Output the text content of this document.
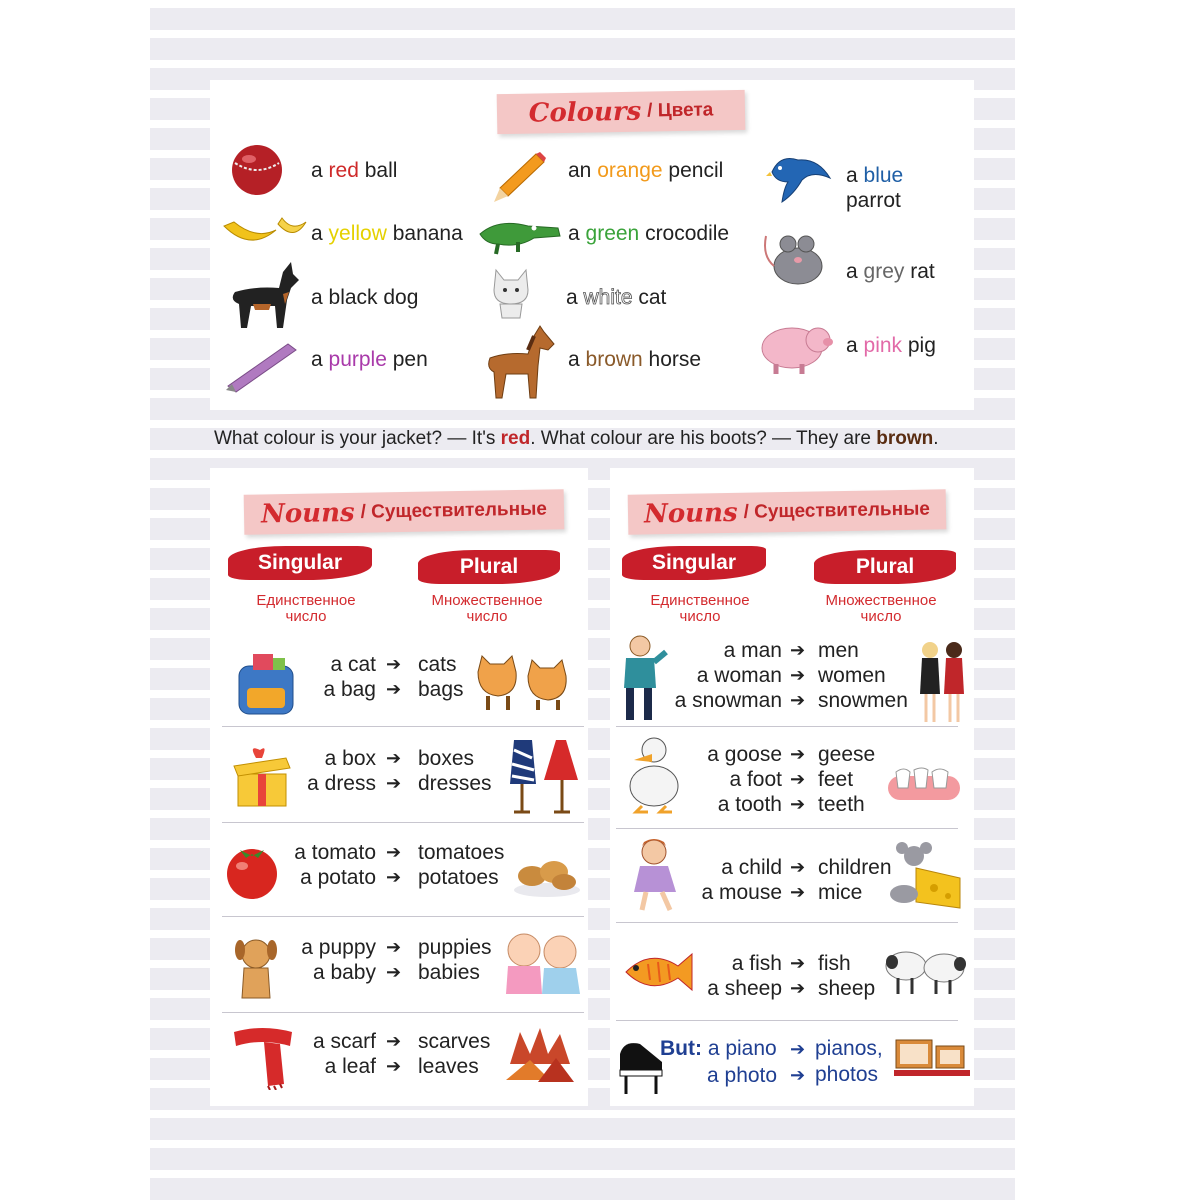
Colours / Цвета
a red ball
a yellow banana
a black dog
a purple pen
an orange pencil
a green crocodile
a white cat
a brown horse
a blue
parrot
a grey rat
a pink pig
What colour is your jacket? — It's red. What colour are his boots? — They are brown.
Nouns / Существительные
Singular	Plural
Единственное число
Множественное число
a cat
a bag
➔
➔
cats
bags
a box
a dress
➔
➔
boxes
dresses
a tomato
a potato
➔
➔
tomatoes
potatoes
a puppy
a baby
➔
➔
puppies
babies
a scarf
a leaf
➔
➔
scarves
leaves
Nouns / Существительные
Singular	Plural
Единственное число
Множественное число
a man
a woman
a snowman
➔
➔
➔
men
women
snowmen
a goose
a foot
a tooth
➔
➔
➔
geese
feet
teeth
a child
a mouse
➔
➔
children
mice
a fish
a sheep
➔
➔
fish
sheep
But: a piano
a photo
➔
➔
pianos,
photos
